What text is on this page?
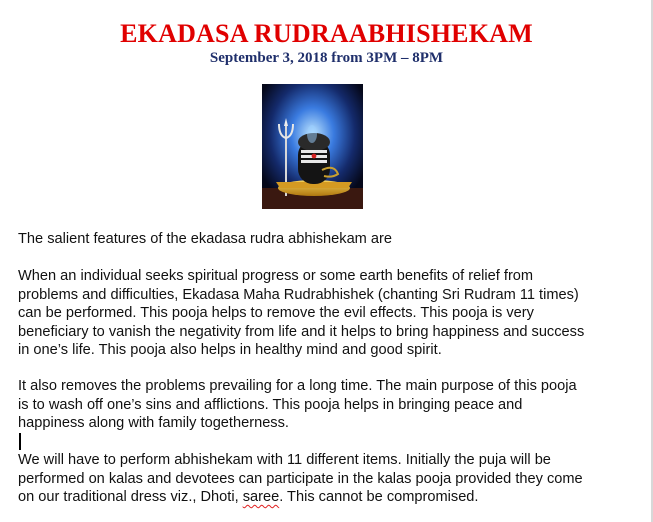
EKADASA RUDRAABHISHEKAM
September 3, 2018 from 3PM – 8PM

The salient features of the ekadasa rudra abhishekam are

When an individual seeks spiritual progress or some earth benefits of relief from
problems and difficulties, Ekadasa Maha Rudrabhishek (chanting Sri Rudram 11 times)
can be performed. This pooja helps to remove the evil effects. This pooja is very
beneficiary to vanish the negativity from life and it helps to bring happiness and success
in one’s life. This pooja also helps in healthy mind and good spirit.

It also removes the problems prevailing for a long time. The main purpose of this pooja
is to wash off one’s sins and afflictions. This pooja helps in bringing peace and
happiness along with family togetherness.

We will have to perform abhishekam with 11 different items. Initially the puja will be
performed on kalas and devotees can participate in the kalas pooja provided they come
on our traditional dress viz., Dhoti, saree. This cannot be compromised.
